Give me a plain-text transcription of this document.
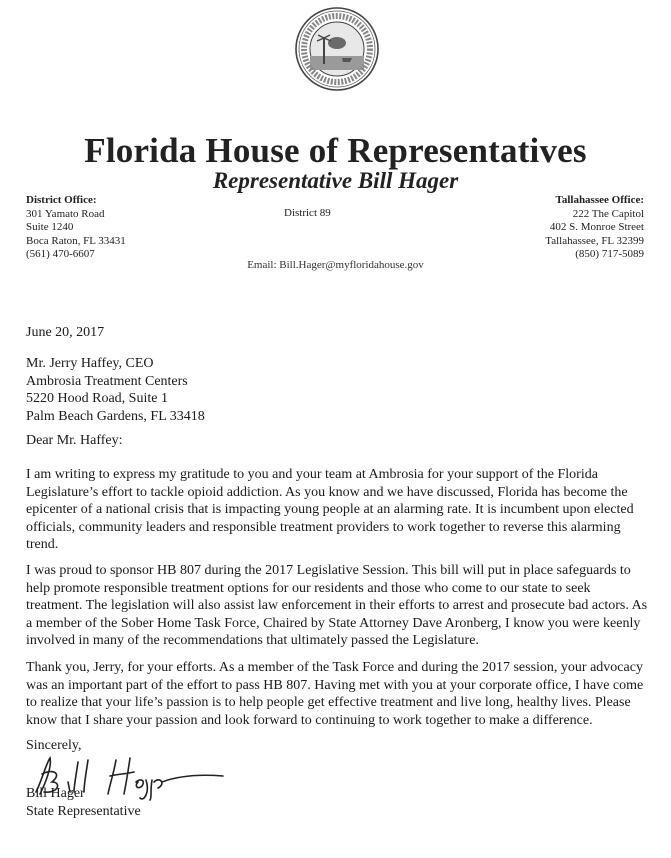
Florida House of Representatives
Representative Bill Hager
District Office:
301 Yamato Road
Suite 1240
Boca Raton, FL 33431
(561) 470-6607
District 89
Tallahassee Office:
222 The Capitol
402 S. Monroe Street
Tallahassee, FL 32399
(850) 717-5089
Email: Bill.Hager@myfloridahouse.gov
June 20, 2017
Mr. Jerry Haffey, CEO
Ambrosia Treatment Centers
5220 Hood Road, Suite 1
Palm Beach Gardens, FL 33418
Dear Mr. Haffey:
I am writing to express my gratitude to you and your team at Ambrosia for your support of the Florida Legislature’s effort to tackle opioid addiction. As you know and we have discussed, Florida has become the epicenter of a national crisis that is impacting young people at an alarming rate. It is incumbent upon elected officials, community leaders and responsible treatment providers to work together to reverse this alarming trend.
I was proud to sponsor HB 807 during the 2017 Legislative Session. This bill will put in place safeguards to help promote responsible treatment options for our residents and those who come to our state to seek treatment. The legislation will also assist law enforcement in their efforts to arrest and prosecute bad actors. As a member of the Sober Home Task Force, Chaired by State Attorney Dave Aronberg, I know you were keenly involved in many of the recommendations that ultimately passed the Legislature.
Thank you, Jerry, for your efforts. As a member of the Task Force and during the 2017 session, your advocacy was an important part of the effort to pass HB 807. Having met with you at your corporate office, I have come to realize that your life’s passion is to help people get effective treatment and live long, healthy lives. Please know that I share your passion and look forward to continuing to work together to make a difference.
Sincerely,
Bill Hager
State Representative
